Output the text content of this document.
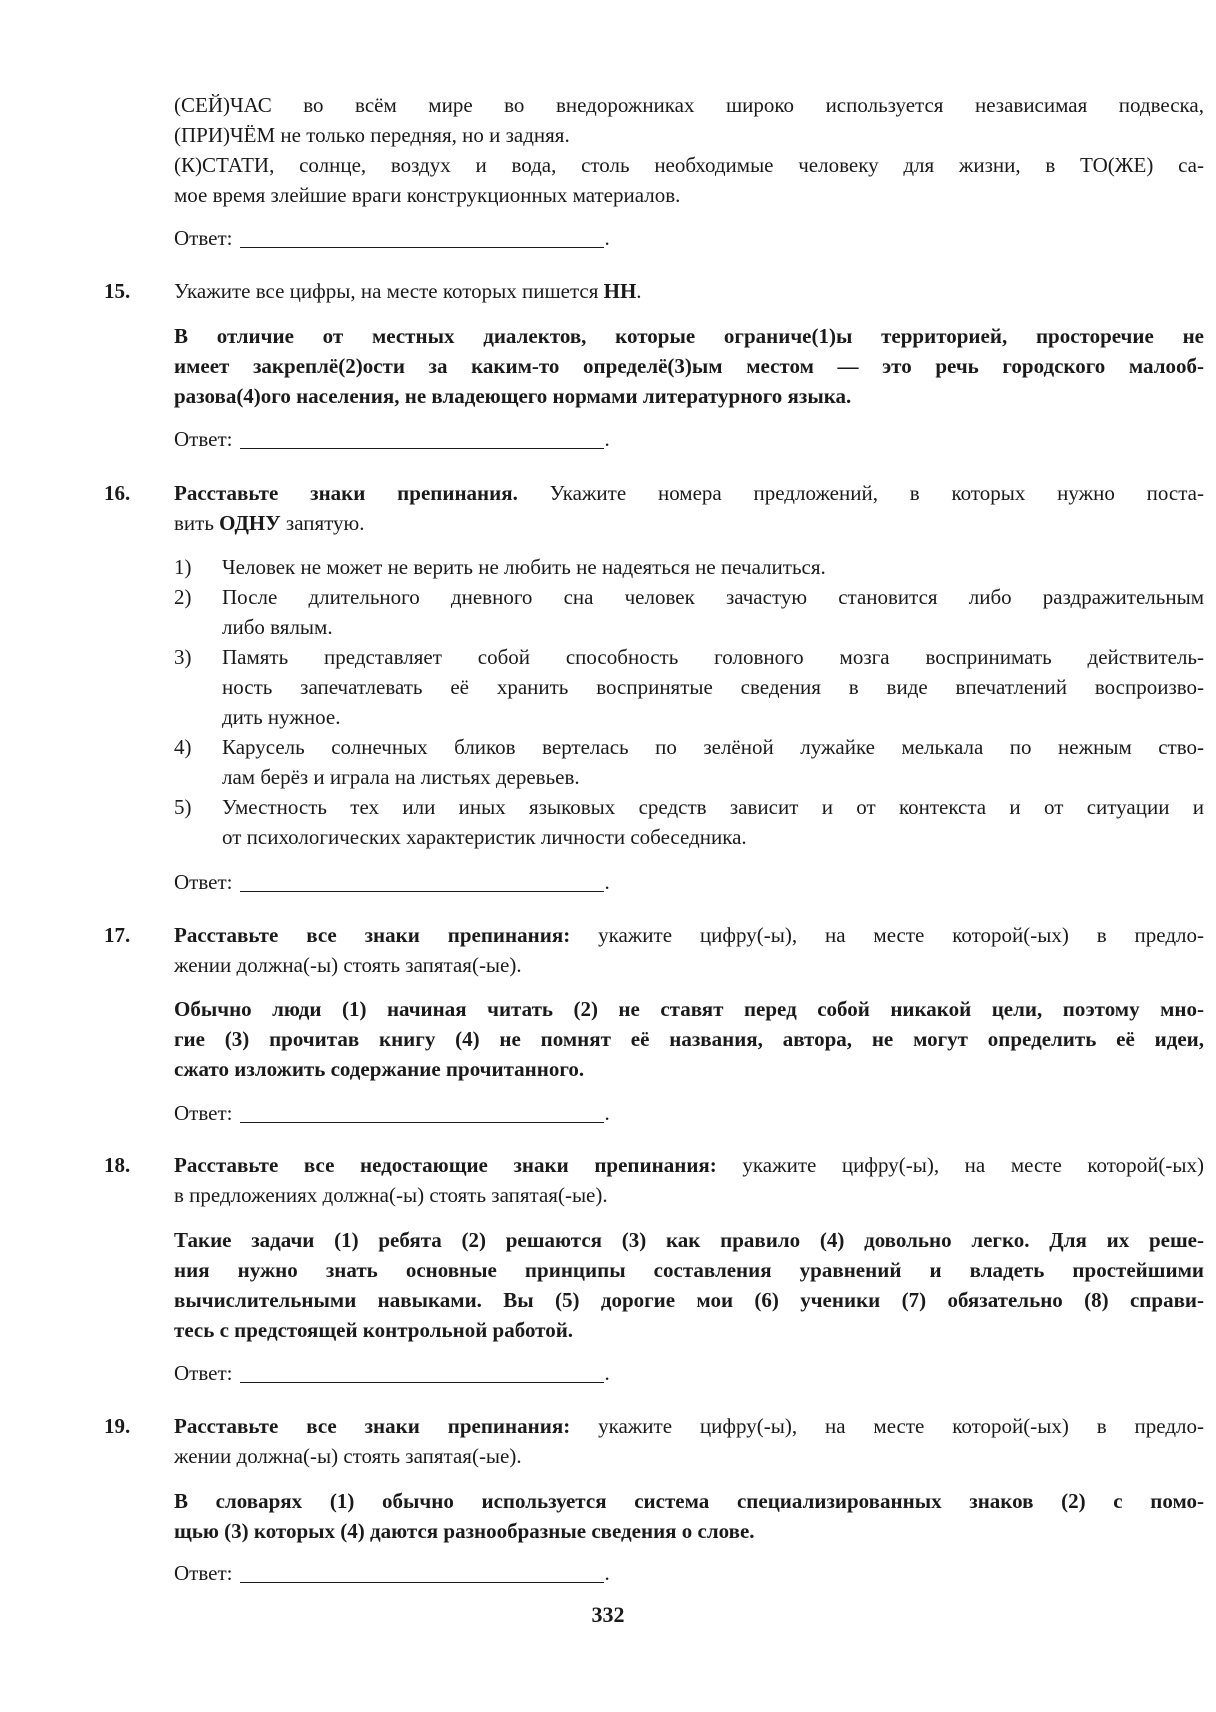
(СЕЙ)ЧАС во всём мире во внедорожниках широко используется независимая подвеска,
(ПРИ)ЧЁМ не только передняя, но и задняя.
(К)СТАТИ, солнце, воздух и вода, столь необходимые человеку для жизни, в ТО(ЖЕ) са-
мое время злейшие враги конструкционных материалов.
Ответ:	.
15. Укажите все цифры, на месте которых пишется НН.
В отличие от местных диалектов, которые ограниче(1)ы территорией, просторечие не
имеет закреплё(2)ости за каким-то определё(3)ым местом — это речь городского малооб-
разова(4)ого населения, не владеющего нормами литературного языка.
Ответ:	.
16. Расставьте знаки препинания. Укажите номера предложений, в которых нужно поста-
вить ОДНУ запятую.
1) Человек не может не верить не любить не надеяться не печалиться.
2) После длительного дневного сна человек зачастую становится либо раздражительным
либо вялым.
3) Память представляет собой способность головного мозга воспринимать действитель-
ность запечатлевать её хранить воспринятые сведения в виде впечатлений воспроизво-
дить нужное.
4) Карусель солнечных бликов вертелась по зелёной лужайке мелькала по нежным ство-
лам берёз и играла на листьях деревьев.
5) Уместность тех или иных языковых средств зависит и от контекста и от ситуации и
от психологических характеристик личности собеседника.
Ответ:	.
17. Расставьте все знаки препинания: укажите цифру(-ы), на месте которой(-ых) в предло-
жении должна(-ы) стоять запятая(-ые).
Обычно люди (1) начиная читать (2) не ставят перед собой никакой цели, поэтому мно-
гие (3) прочитав книгу (4) не помнят её названия, автора, не могут определить её идеи,
сжато изложить содержание прочитанного.
Ответ:	.
18. Расставьте все недостающие знаки препинания: укажите цифру(-ы), на месте которой(-ых)
в предложениях должна(-ы) стоять запятая(-ые).
Такие задачи (1) ребята (2) решаются (3) как правило (4) довольно легко. Для их реше-
ния нужно знать основные принципы составления уравнений и владеть простейшими
вычислительными навыками. Вы (5) дорогие мои (6) ученики (7) обязательно (8) справи-
тесь с предстоящей контрольной работой.
Ответ:	.
19. Расставьте все знаки препинания: укажите цифру(-ы), на месте которой(-ых) в предло-
жении должна(-ы) стоять запятая(-ые).
В словарях (1) обычно используется система специализированных знаков (2) с помо-
щью (3) которых (4) даются разнообразные сведения о слове.
Ответ:	.
332
